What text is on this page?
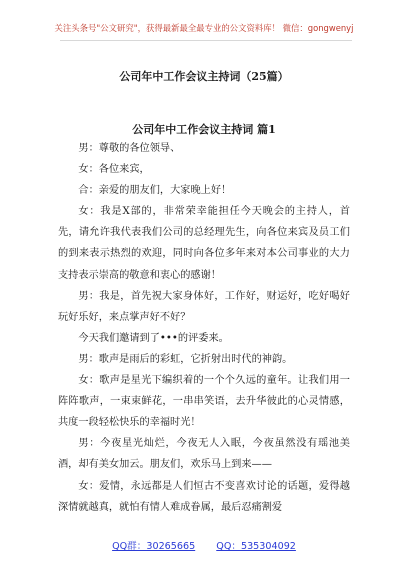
关注头条号"公文研究"，获得最新最全最专业的公文资料库！ 微信：gongwenyj
公司年中工作会议主持词（25篇）
公司年中工作会议主持词 篇1

男：尊敬的各位领导、

女：各位来宾，

合：亲爱的朋友们，大家晚上好！

女：我是X部的，非常荣幸能担任今天晚会的主持人，首先，请允许我代表我们公司的总经理先生，向各位来宾及员工们的到来表示热烈的欢迎，同时向各位多年来对本公司事业的大力支持表示崇高的敬意和衷心的感谢！

男：我是，首先祝大家身体好，工作好，财运好，吃好喝好玩好乐好，来点掌声好不好？

今天我们邀请到了•••的评委来。

男：歌声是雨后的彩虹，它折射出时代的神韵。

女：歌声是星光下编织着的一个个久远的童年。让我们用一阵阵歌声，一束束鲜花，一串串笑语，去升华彼此的心灵情感，共度一段轻松快乐的幸福时光！

男：今夜星光灿烂，今夜无人入眠，今夜虽然没有瑶池美酒，却有美女加云。朋友们，欢乐马上到来——

女：爱情，永远都是人们恒古不变喜欢讨论的话题，爱得越深情就越真，就怕有情人难成眷属，最后忍痛割爱

QQ群：30265665 QQ：535304092
